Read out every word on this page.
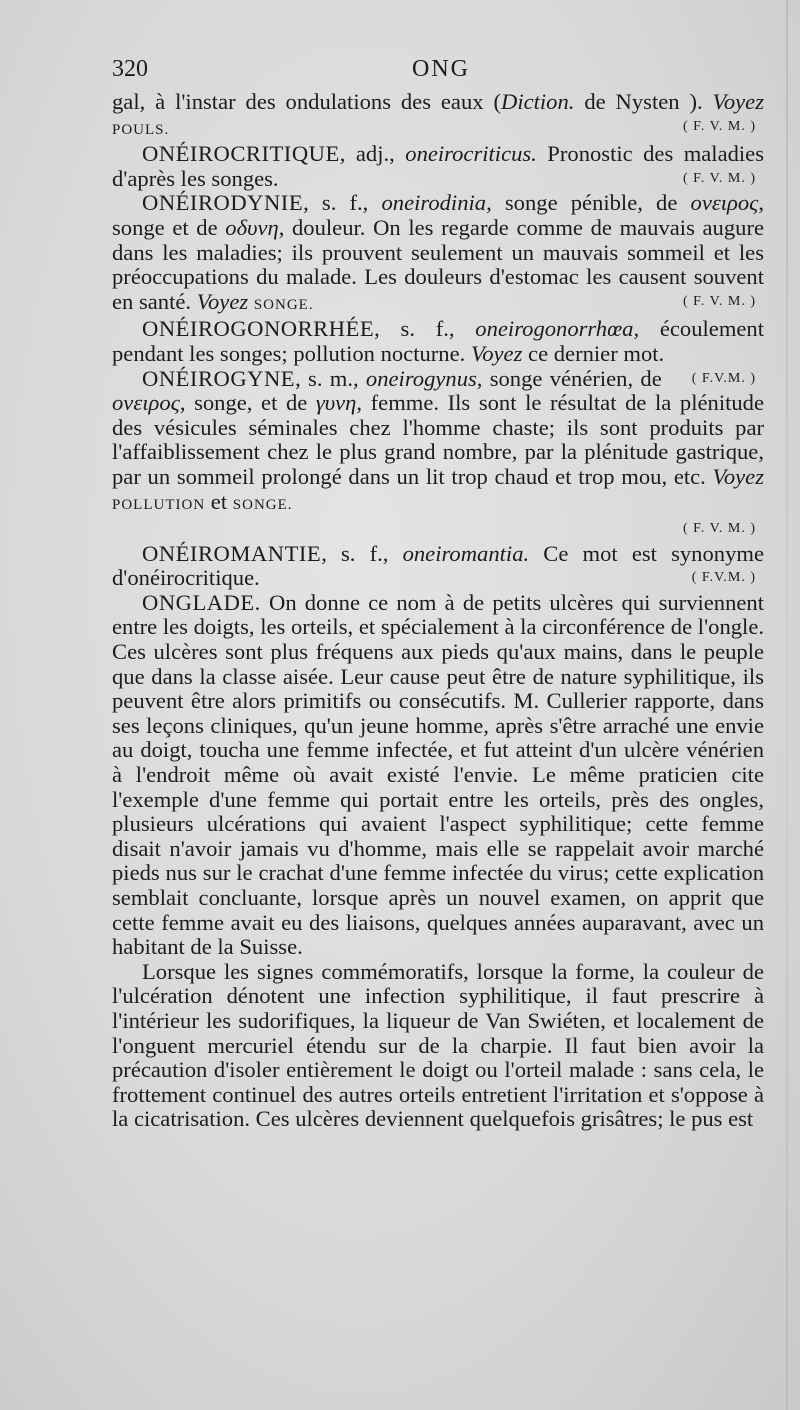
320	ONG

gal, à l'instar des ondulations des eaux (Diction. de Nysten ). Voyez POULS.	( F. V. M. )

ONÉIROCRITIQUE, adj., oneirocriticus. Pronostic des maladies d'après les songes.	( F. V. M. )

ONÉIRODYNIE, s. f., oneirodinia, songe pénible, de ονειρος, songe et de οδυνη, douleur. On les regarde comme de mauvais augure dans les maladies; ils prouvent seulement un mauvais sommeil et les préoccupations du malade. Les douleurs d'estomac les causent souvent en santé. Voyez SONGE.	( F. V. M. )

ONÉIROGONORRHÉE, s. f., oneirogonorrhœa, écoulement pendant les songes; pollution nocturne. Voyez ce dernier mot.
( F.V.M. )

ONÉIROGYNE, s. m., oneirogynus, songe vénérien, de ονειρος, songe, et de γυνη, femme. Ils sont le résultat de la plénitude des vésicules séminales chez l'homme chaste; ils sont produits par l'affaiblissement chez le plus grand nombre, par la plénitude gastrique, par un sommeil prolongé dans un lit trop chaud et trop mou, etc. Voyez POLLUTION et SONGE.

( F. V. M. )

ONÉIROMANTIE, s. f., oneiromantia. Ce mot est synonyme d'onéirocritique.	( F.V.M. )

ONGLADE. On donne ce nom à de petits ulcères qui surviennent entre les doigts, les orteils, et spécialement à la circonférence de l'ongle. Ces ulcères sont plus fréquens aux pieds qu'aux mains, dans le peuple que dans la classe aisée. Leur cause peut être de nature syphilitique, ils peuvent être alors primitifs ou consécutifs. M. Cullerier rapporte, dans ses leçons cliniques, qu'un jeune homme, après s'être arraché une envie au doigt, toucha une femme infectée, et fut atteint d'un ulcère vénérien à l'endroit même où avait existé l'envie. Le même praticien cite l'exemple d'une femme qui portait entre les orteils, près des ongles, plusieurs ulcérations qui avaient l'aspect syphilitique; cette femme disait n'avoir jamais vu d'homme, mais elle se rappelait avoir marché pieds nus sur le crachat d'une femme infectée du virus; cette explication semblait concluante, lorsque après un nouvel examen, on apprit que cette femme avait eu des liaisons, quelques années auparavant, avec un habitant de la Suisse.

Lorsque les signes commémoratifs, lorsque la forme, la couleur de l'ulcération dénotent une infection syphilitique, il faut prescrire à l'intérieur les sudorifiques, la liqueur de Van Swiéten, et localement de l'onguent mercuriel étendu sur de la charpie. Il faut bien avoir la précaution d'isoler entièrement le doigt ou l'orteil malade : sans cela, le frottement continuel des autres orteils entretient l'irritation et s'oppose à la cicatrisation. Ces ulcères deviennent quelquefois grisâtres; le pus est
